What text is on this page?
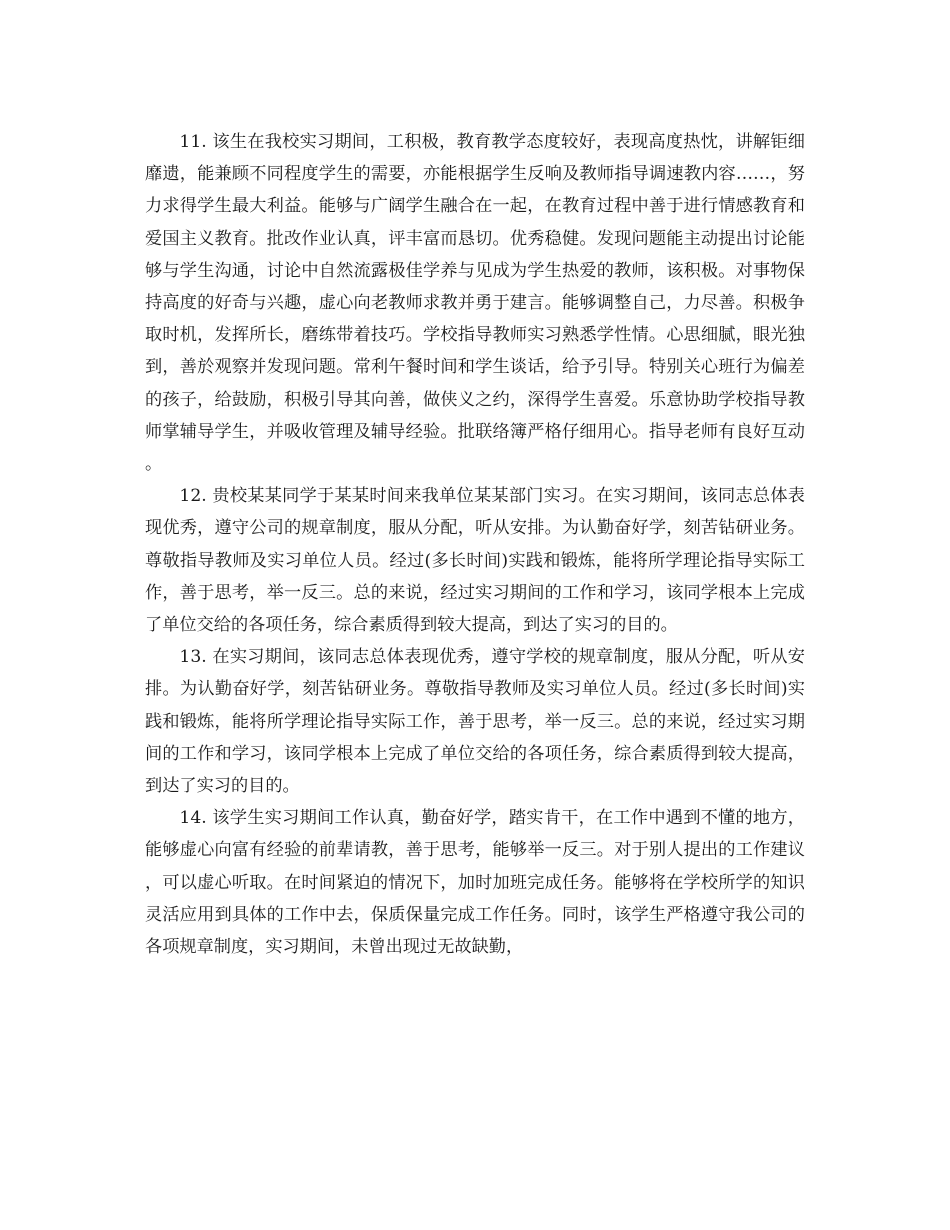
11. 该生在我校实习期间，工积极，教育教学态度较好，表现高度热忱，讲解钜细靡遗，能兼顾不同程度学生的需要，亦能根据学生反响及教师指导调速教内容……，努力求得学生最大利益。能够与广阔学生融合在一起，在教育过程中善于进行情感教育和爱国主义教育。批改作业认真，评丰富而恳切。优秀稳健。发现问题能主动提出讨论能够与学生沟通，讨论中自然流露极佳学养与见成为学生热爱的教师，该积极。对事物保持高度的好奇与兴趣，虚心向老教师求教并勇于建言。能够调整自己，力尽善。积极争取时机，发挥所长，磨练带着技巧。学校指导教师实习熟悉学性情。心思细腻，眼光独到，善於观察并发现问题。常利午餐时间和学生谈话，给予引导。特别关心班行为偏差的孩子，给鼓励，积极引导其向善，做侠义之约，深得学生喜爱。乐意协助学校指导教师掌辅导学生，并吸收管理及辅导经验。批联络簿严格仔细用心。指导老师有良好互动。

12. 贵校某某同学于某某时间来我单位某某部门实习。在实习期间，该同志总体表现优秀，遵守公司的规章制度，服从分配，听从安排。为认勤奋好学，刻苦钻研业务。尊敬指导教师及实习单位人员。经过(多长时间)实践和锻炼，能将所学理论指导实际工作，善于思考，举一反三。总的来说，经过实习期间的工作和学习，该同学根本上完成了单位交给的各项任务，综合素质得到较大提高，到达了实习的目的。

13. 在实习期间，该同志总体表现优秀，遵守学校的规章制度，服从分配，听从安排。为认勤奋好学，刻苦钻研业务。尊敬指导教师及实习单位人员。经过(多长时间)实践和锻炼，能将所学理论指导实际工作，善于思考，举一反三。总的来说，经过实习期间的工作和学习，该同学根本上完成了单位交给的各项任务，综合素质得到较大提高，到达了实习的目的。

14. 该学生实习期间工作认真，勤奋好学，踏实肯干，在工作中遇到不懂的地方，能够虚心向富有经验的前辈请教，善于思考，能够举一反三。对于别人提出的工作建议，可以虚心听取。在时间紧迫的情况下，加时加班完成任务。能够将在学校所学的知识灵活应用到具体的工作中去，保质保量完成工作任务。同时，该学生严格遵守我公司的各项规章制度，实习期间，未曾出现过无故缺勤，
